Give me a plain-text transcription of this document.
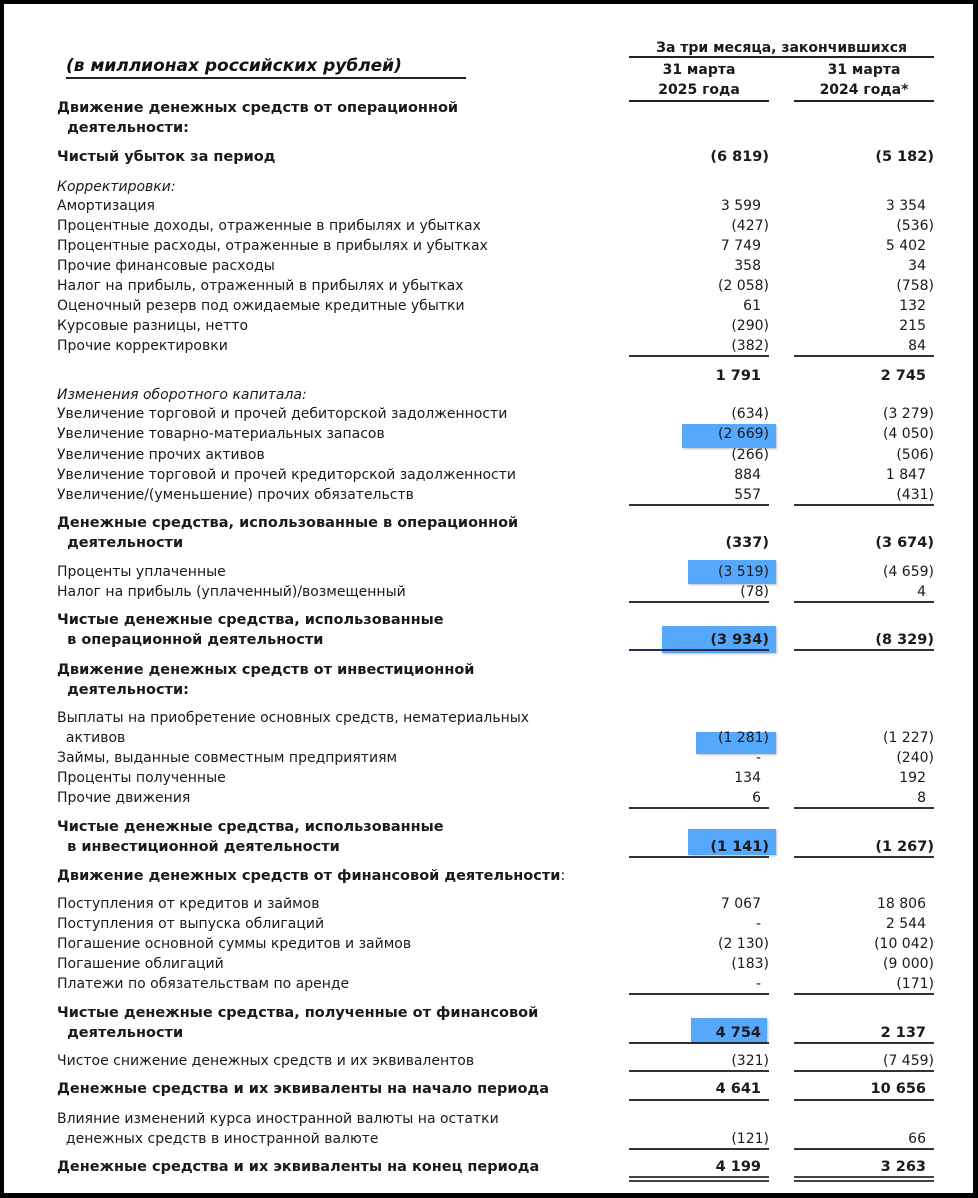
(в миллионах российских рублей)
За три месяца, закончившихся
31 марта
2025 года
31 марта
2024 года*
Движение денежных средств от операционной
деятельности:
Чистый убыток за период	(6 819)	(5 182)
Корректировки:
Амортизация	3 599	3 354
Процентные доходы, отраженные в прибылях и убытках	(427)	(536)
Процентные расходы, отраженные в прибылях и убытках	7 749	5 402
Прочие финансовые расходы	358	34
Налог на прибыль, отраженный в прибылях и убытках	(2 058)	(758)
Оценочный резерв под ожидаемые кредитные убытки	61	132
Курсовые разницы, нетто	(290)	215
Прочие корректировки	(382)	84
1 791	2 745
Изменения оборотного капитала:
Увеличение торговой и прочей дебиторской задолженности	(634)	(3 279)
Увеличение товарно-материальных запасов	(2 669)	(4 050)
Увеличение прочих активов	(266)	(506)
Увеличение торговой и прочей кредиторской задолженности	884	1 847
Увеличение/(уменьшение) прочих обязательств	557	(431)
Денежные средства, использованные в операционной
деятельности	(337)	(3 674)
Проценты уплаченные	(3 519)	(4 659)
Налог на прибыль (уплаченный)/возмещенный	(78)	4
Чистые денежные средства, использованные
в операционной деятельности	(3 934)	(8 329)
Движение денежных средств от инвестиционной
деятельности:
Выплаты на приобретение основных средств, нематериальных
активов	(1 281)	(1 227)
Займы, выданные совместным предприятиям	-	(240)
Проценты полученные	134	192
Прочие движения	6	8
Чистые денежные средства, использованные
в инвестиционной деятельности	(1 141)	(1 267)
Движение денежных средств от финансовой деятельности:
Поступления от кредитов и займов	7 067	18 806
Поступления от выпуска облигаций	-	2 544
Погашение основной суммы кредитов и займов	(2 130)	(10 042)
Погашение облигаций	(183)	(9 000)
Платежи по обязательствам по аренде	-	(171)
Чистые денежные средства, полученные от финансовой
деятельности	4 754	2 137
Чистое снижение денежных средств и их эквивалентов	(321)	(7 459)
Денежные средства и их эквиваленты на начало периода	4 641	10 656
Влияние изменений курса иностранной валюты на остатки
денежных средств в иностранной валюте	(121)	66
Денежные средства и их эквиваленты на конец периода	4 199	3 263
